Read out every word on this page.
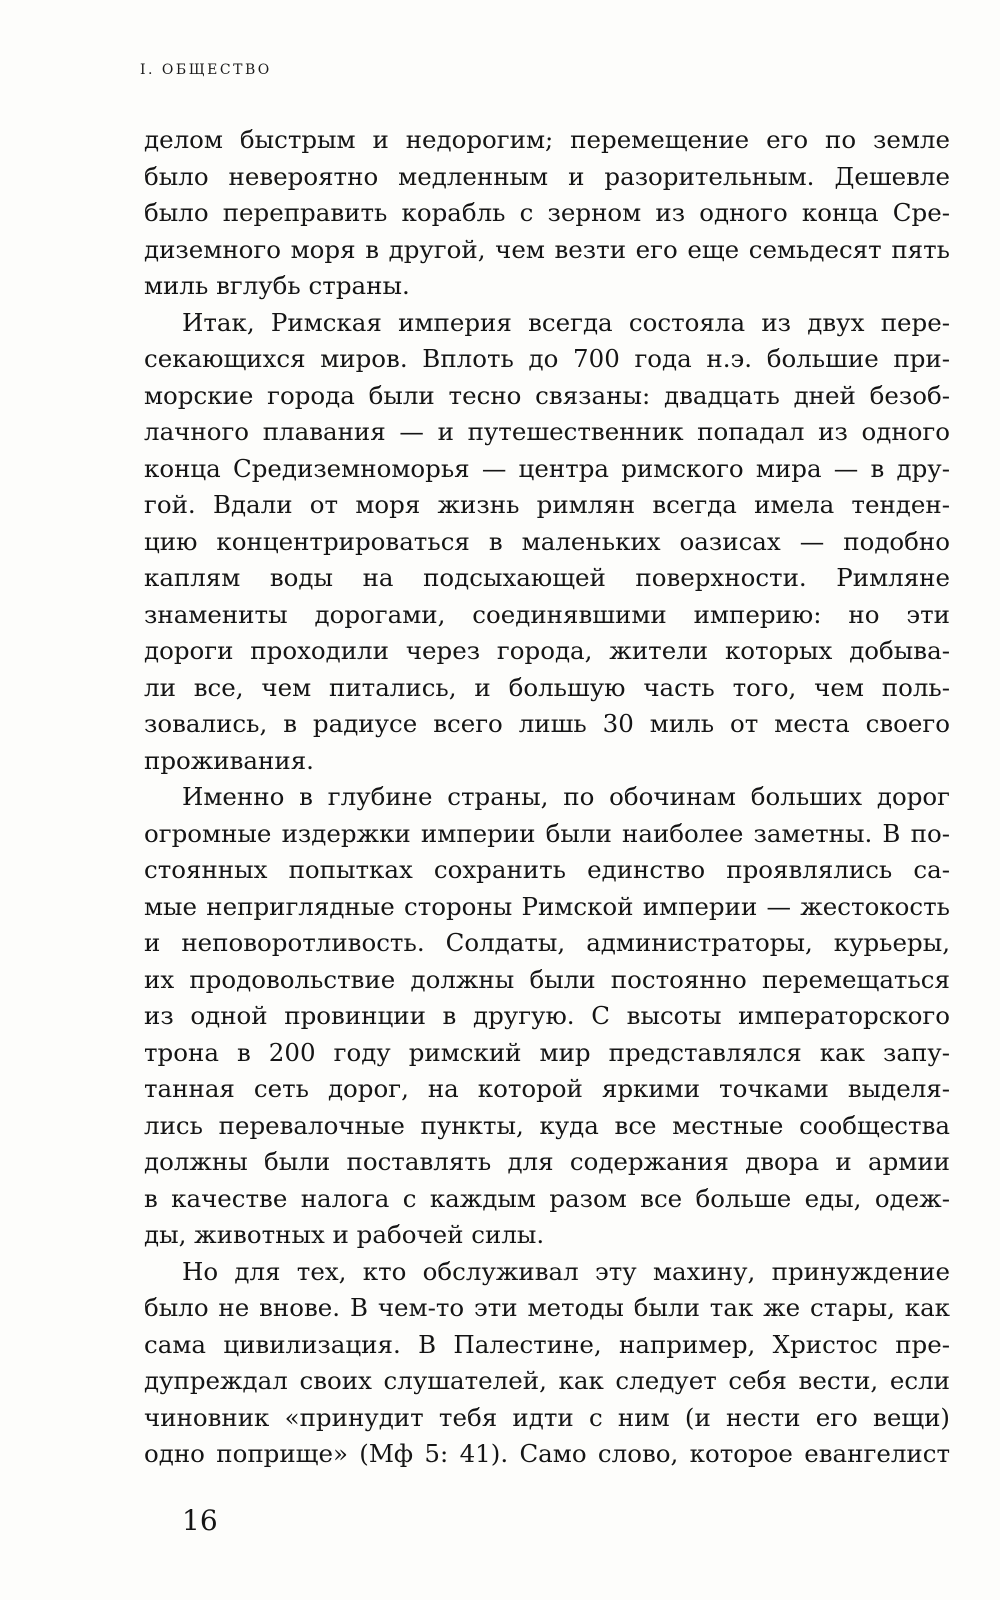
I. ОБЩЕСТВО
делом быстрым и недорогим; перемещение его по земле
было невероятно медленным и разорительным. Дешевле
было переправить корабль с зерном из одного конца Сре-
диземного моря в другой, чем везти его еще семьдесят пять
миль вглубь страны.
Итак, Римская империя всегда состояла из двух пере-
секающихся миров. Вплоть до 700 года н.э. большие при-
морские города были тесно связаны: двадцать дней безоб-
лачного плавания — и путешественник попадал из одного
конца Средиземноморья — центра римского мира — в дру-
гой. Вдали от моря жизнь римлян всегда имела тенден-
цию концентрироваться в маленьких оазисах — подобно
каплям воды на подсыхающей поверхности. Римляне
знамениты дорогами, соединявшими империю: но эти
дороги проходили через города, жители которых добыва-
ли все, чем питались, и большую часть того, чем поль-
зовались, в радиусе всего лишь 30 миль от места своего
проживания.
Именно в глубине страны, по обочинам больших дорог
огромные издержки империи были наиболее заметны. В по-
стоянных попытках сохранить единство проявлялись са-
мые неприглядные стороны Римской империи — жестокость
и неповоротливость. Солдаты, администраторы, курьеры,
их продовольствие должны были постоянно перемещаться
из одной провинции в другую. С высоты императорского
трона в 200 году римский мир представлялся как запу-
танная сеть дорог, на которой яркими точками выделя-
лись перевалочные пункты, куда все местные сообщества
должны были поставлять для содержания двора и армии
в качестве налога с каждым разом все больше еды, одеж-
ды, животных и рабочей силы.
Но для тех, кто обслуживал эту махину, принуждение
было не внове. В чем-то эти методы были так же стары, как
сама цивилизация. В Палестине, например, Христос пре-
дупреждал своих слушателей, как следует себя вести, если
чиновник «принудит тебя идти с ним (и нести его вещи)
одно поприще» (Мф 5: 41). Само слово, которое евангелист
16
